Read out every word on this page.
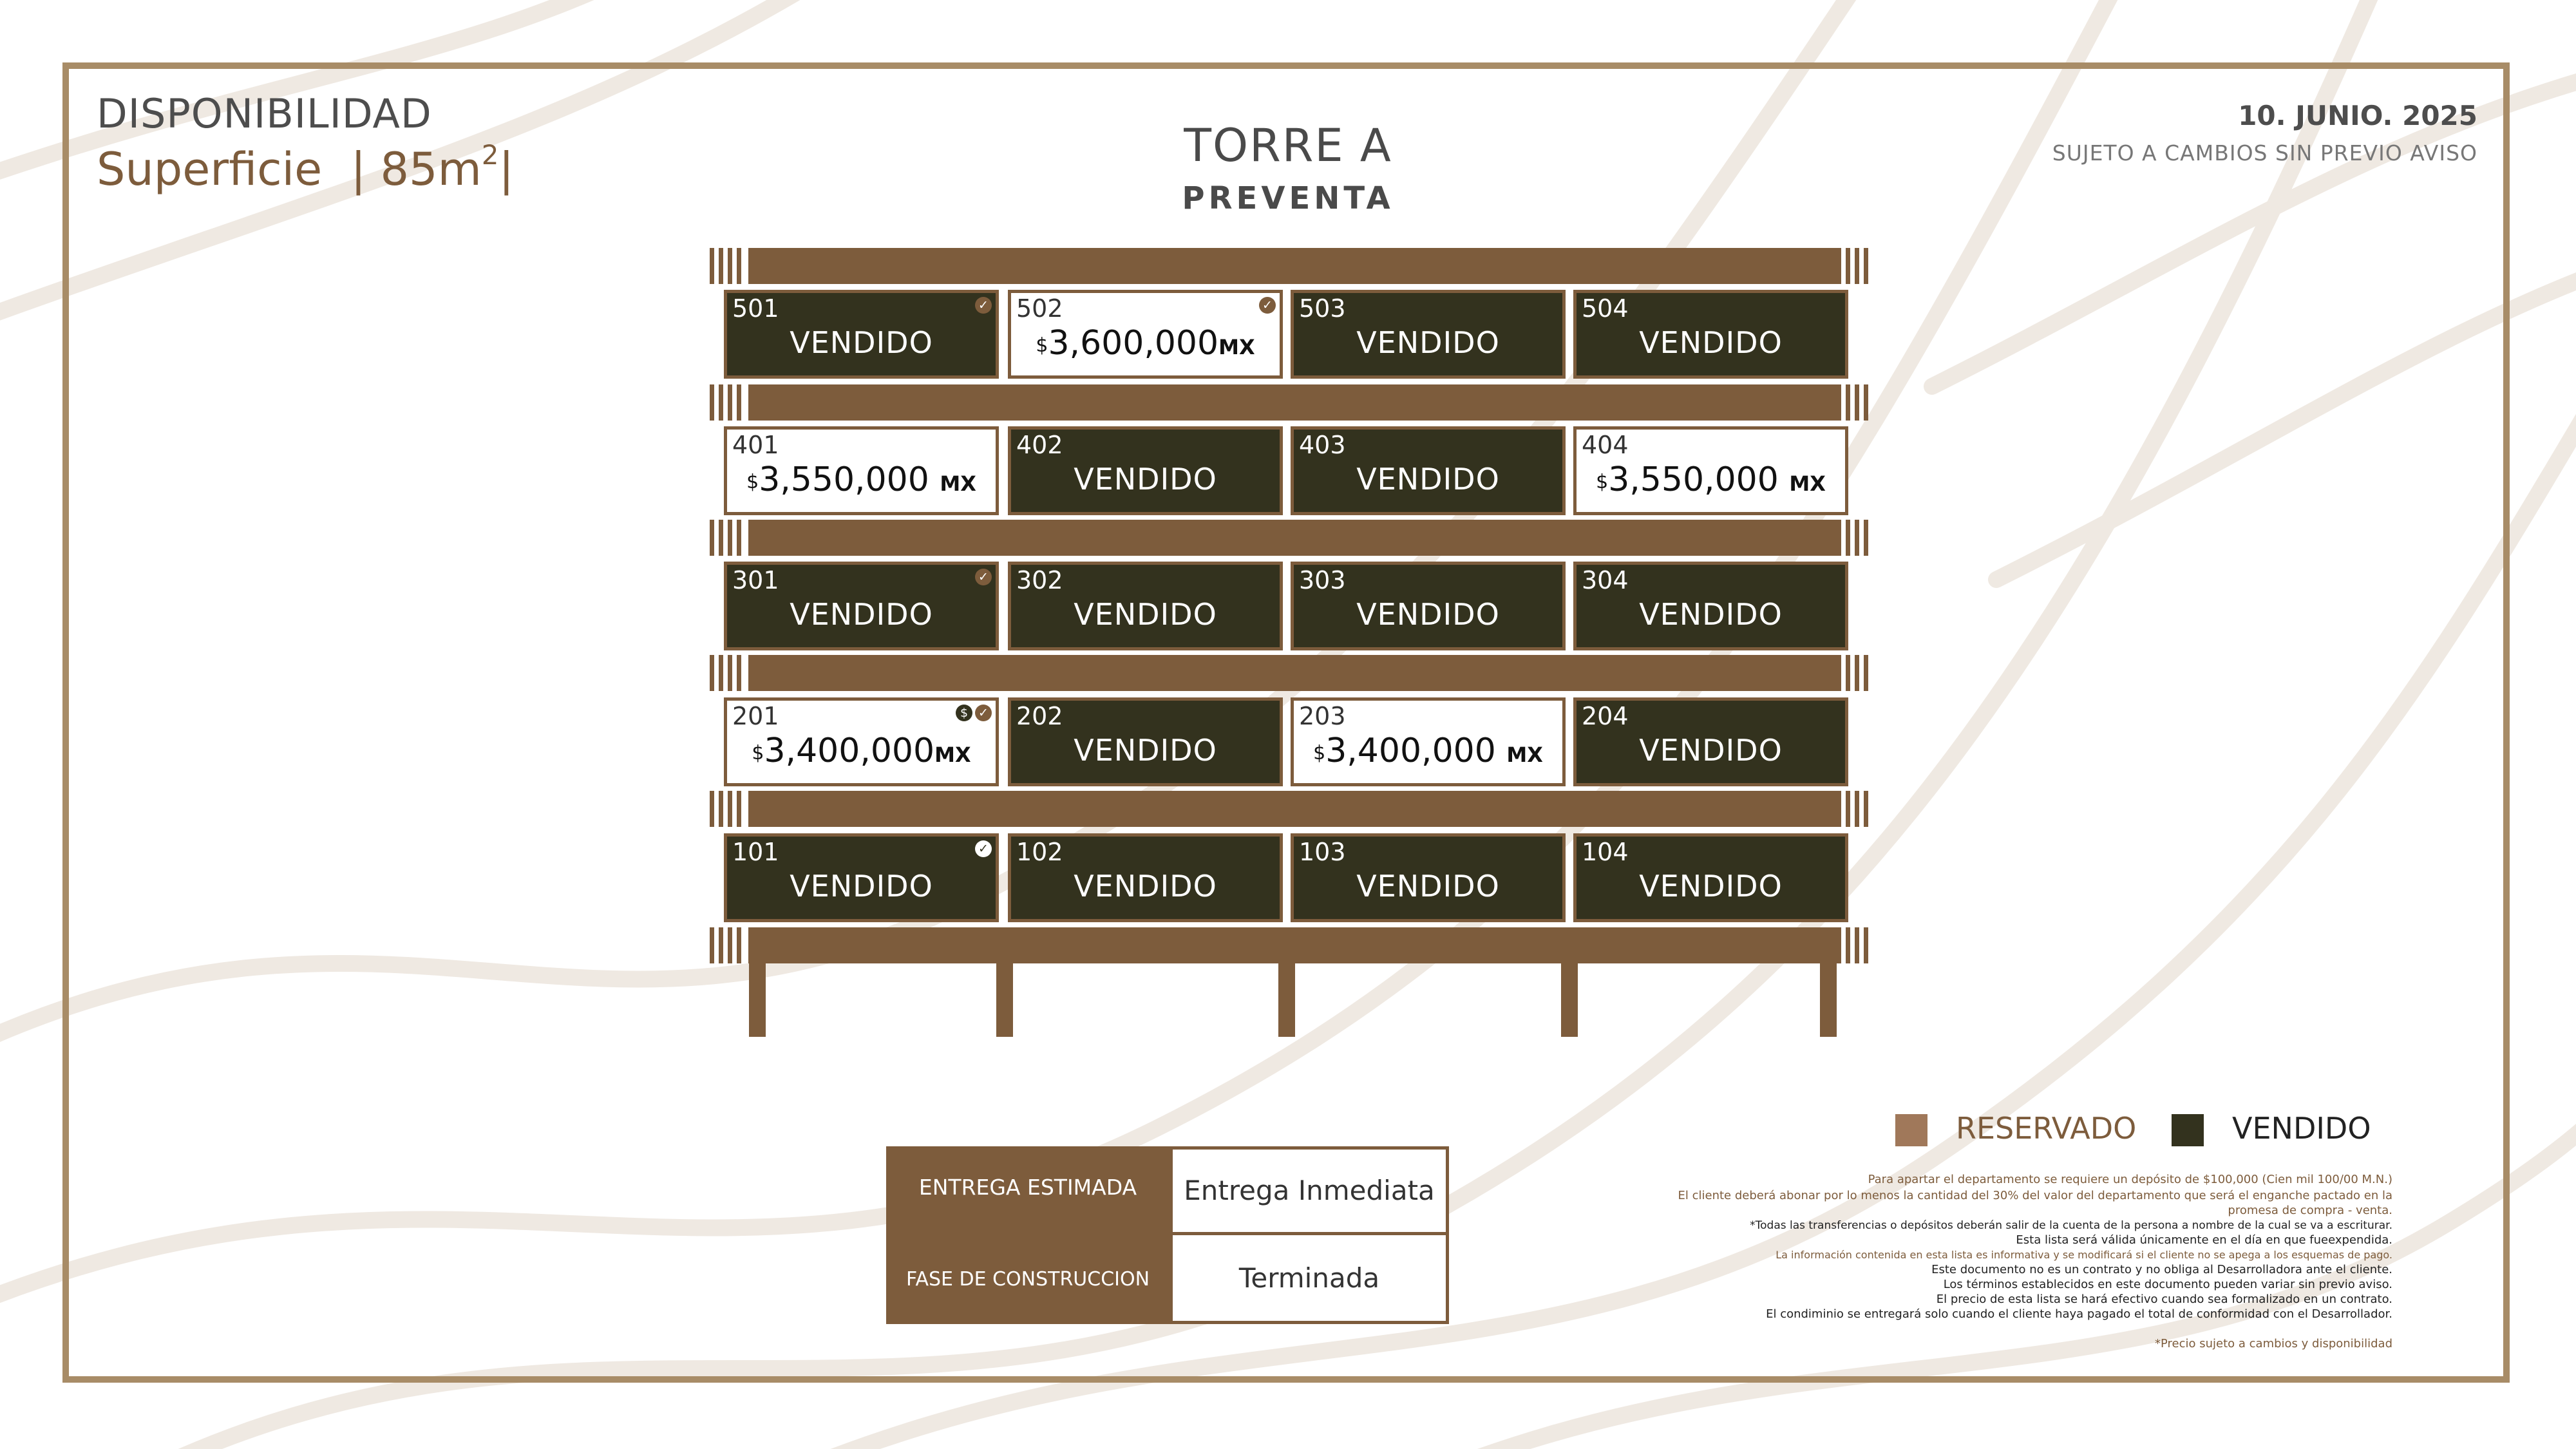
DISPONIBILIDAD
Superficie  | $85m^2|$	TORRE A
PREVENTA
10. JUNIO. 2025
SUJETO A CAMBIOS SIN PREVIO AVISO
501	✓
VENDIDO
502	✓
$3,600,000MX
503
VENDIDO
504
VENDIDO
401
$3,550,000 MX
402
VENDIDO
403
VENDIDO
404
$3,550,000 MX
301	✓
VENDIDO
302
VENDIDO
303
VENDIDO
304
VENDIDO
201	$ ✓
$3,400,000MX
202
VENDIDO
203
$3,400,000 MX
204
VENDIDO
101	✓
VENDIDO
102
VENDIDO
103
VENDIDO
104
VENDIDO
ENTREGA ESTIMADA	Entrega Inmediata
FASE DE CONSTRUCCION	Terminada
RESERVADO	VENDIDO
Para apartar el departamento se requiere un depósito de $100,000 (Cien mil 100/00 M.N.)
El cliente deberá abonar por lo menos la cantidad del 30% del valor del departamento que será el enganche pactado en la
promesa de compra - venta.
*Todas las transferencias o depósitos deberán salir de la cuenta de la persona a nombre de la cual se va a escriturar.
Esta lista será válida únicamente en el día en que fueexpendida.
La información contenida en esta lista es informativa y se modificará si el cliente no se apega a los esquemas de pago.
Este documento no es un contrato y no obliga al Desarrolladora ante el cliente.
Los términos establecidos en este documento pueden variar sin previo aviso.
El precio de esta lista se hará efectivo cuando sea formalizado en un contrato.
El condiminio se entregará solo cuando el cliente haya pagado el total de conformidad con el Desarrollador.
*Precio sujeto a cambios y disponibilidad
